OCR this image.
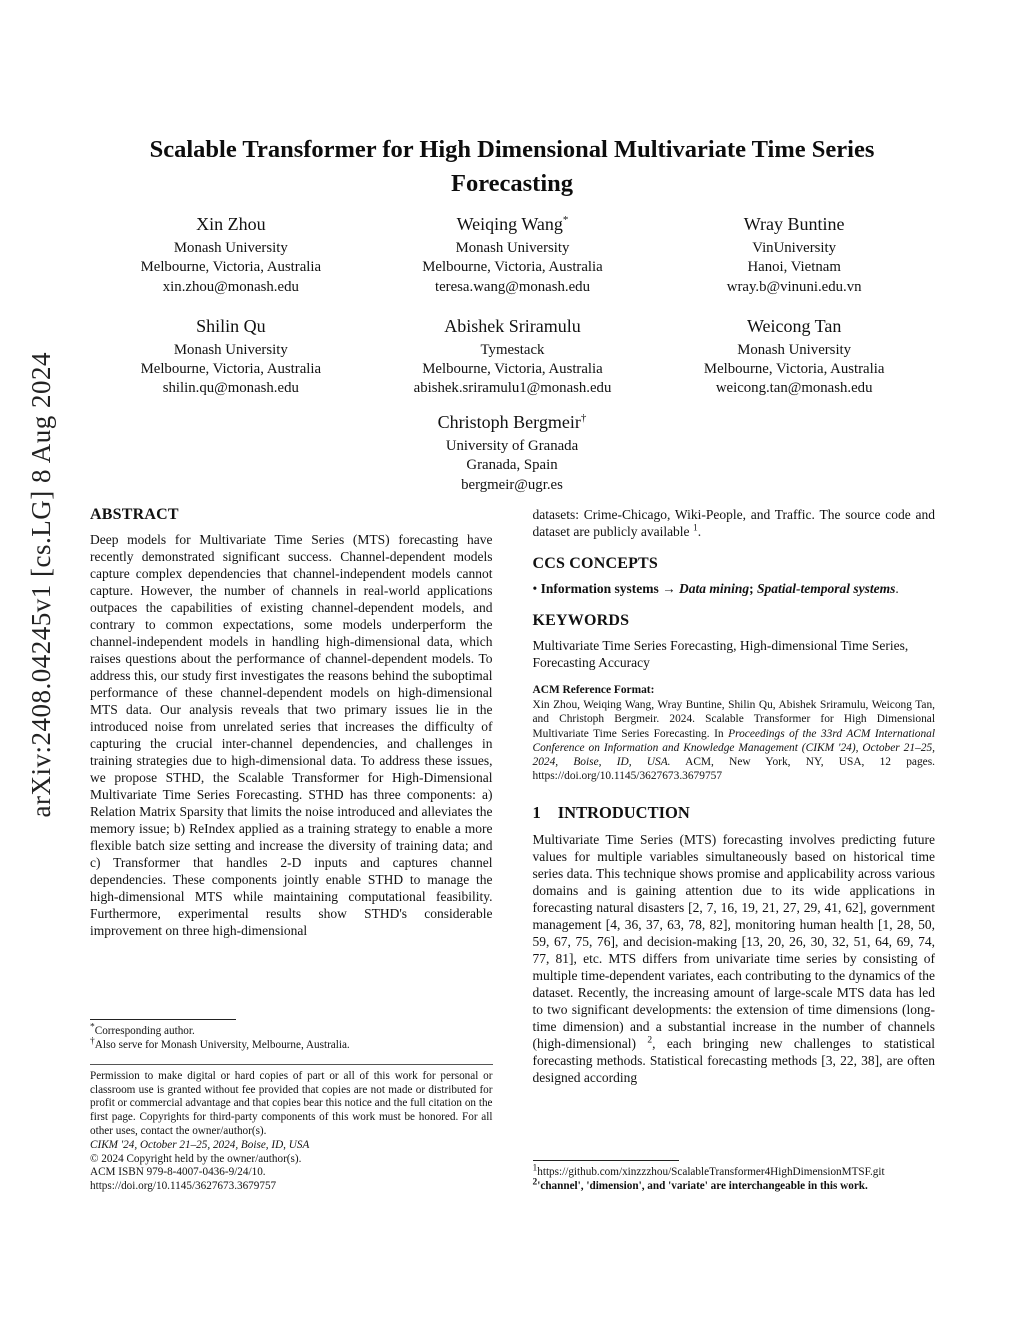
arXiv:2408.04245v1 [cs.LG] 8 Aug 2024
Scalable Transformer for High Dimensional Multivariate Time Series Forecasting
Xin Zhou
Monash University
Melbourne, Victoria, Australia
xin.zhou@monash.edu
Weiqing Wang*
Monash University
Melbourne, Victoria, Australia
teresa.wang@monash.edu
Wray Buntine
VinUniversity
Hanoi, Vietnam
wray.b@vinuni.edu.vn
Shilin Qu
Monash University
Melbourne, Victoria, Australia
shilin.qu@monash.edu
Abishek Sriramulu
Tymestack
Melbourne, Victoria, Australia
abishek.sriramulu1@monash.edu
Weicong Tan
Monash University
Melbourne, Victoria, Australia
weicong.tan@monash.edu
Christoph Bergmeir†
University of Granada
Granada, Spain
bergmeir@ugr.es
ABSTRACT

Deep models for Multivariate Time Series (MTS) forecasting have recently demonstrated significant success. Channel-dependent models capture complex dependencies that channel-independent models cannot capture. However, the number of channels in real-world applications outpaces the capabilities of existing channel-dependent models, and contrary to common expectations, some models underperform the channel-independent models in handling high-dimensional data, which raises questions about the performance of channel-dependent models. To address this, our study first investigates the reasons behind the suboptimal performance of these channel-dependent models on high-dimensional MTS data. Our analysis reveals that two primary issues lie in the introduced noise from unrelated series that increases the difficulty of capturing the crucial inter-channel dependencies, and challenges in training strategies due to high-dimensional data. To address these issues, we propose STHD, the Scalable Transformer for High-Dimensional Multivariate Time Series Forecasting. STHD has three components: a) Relation Matrix Sparsity that limits the noise introduced and alleviates the memory issue; b) ReIndex applied as a training strategy to enable a more flexible batch size setting and increase the diversity of training data; and c) Transformer that handles 2-D inputs and captures channel dependencies. These components jointly enable STHD to manage the high-dimensional MTS while maintaining computational feasibility. Furthermore, experimental results show STHD's considerable improvement on three high-dimensional

*Corresponding author.

†Also serve for Monash University, Melbourne, Australia.

Permission to make digital or hard copies of part or all of this work for personal or classroom use is granted without fee provided that copies are not made or distributed for profit or commercial advantage and that copies bear this notice and the full citation on the first page. Copyrights for third-party components of this work must be honored. For all other uses, contact the owner/author(s).

CIKM '24, October 21–25, 2024, Boise, ID, USA

© 2024 Copyright held by the owner/author(s).

ACM ISBN 979-8-4007-0436-9/24/10.

https://doi.org/10.1145/3627673.3679757

datasets: Crime-Chicago, Wiki-People, and Traffic. The source code and dataset are publicly available $^1$.

CCS CONCEPTS

• Information systems → Data mining; Spatial-temporal systems.

KEYWORDS

Multivariate Time Series Forecasting, High-dimensional Time Series, Forecasting Accuracy

ACM Reference Format:

Xin Zhou, Weiqing Wang, Wray Buntine, Shilin Qu, Abishek Sriramulu, Weicong Tan, and Christoph Bergmeir. 2024. Scalable Transformer for High Dimensional Multivariate Time Series Forecasting. In Proceedings of the 33rd ACM International Conference on Information and Knowledge Management (CIKM '24), October 21–25, 2024, Boise, ID, USA. ACM, New York, NY, USA, 12 pages. https://doi.org/10.1145/3627673.3679757

1 INTRODUCTION

Multivariate Time Series (MTS) forecasting involves predicting future values for multiple variables simultaneously based on historical time series data. This technique shows promise and applicability across various domains and is gaining attention due to its wide applications in forecasting natural disasters [2, 7, 16, 19, 21, 27, 29, 41, 62], government management [4, 36, 37, 63, 78, 82], monitoring human health [1, 28, 50, 59, 67, 75, 76], and decision-making [13, 20, 26, 30, 32, 51, 64, 69, 74, 77, 81], etc. MTS differs from univariate time series by consisting of multiple time-dependent variates, each contributing to the dynamics of the dataset. Recently, the increasing amount of large-scale MTS data has led to two significant developments: the extension of time dimensions (long-time dimension) and a substantial increase in the number of channels (high-dimensional) $^2$, each bringing new challenges to statistical forecasting methods. Statistical forecasting methods [3, 22, 38], are often designed according

$^1$https://github.com/xinzzzhou/ScalableTransformer4HighDimensionMTSF.git

$^2$'channel', 'dimension', and 'variate' are interchangeable in this work.
